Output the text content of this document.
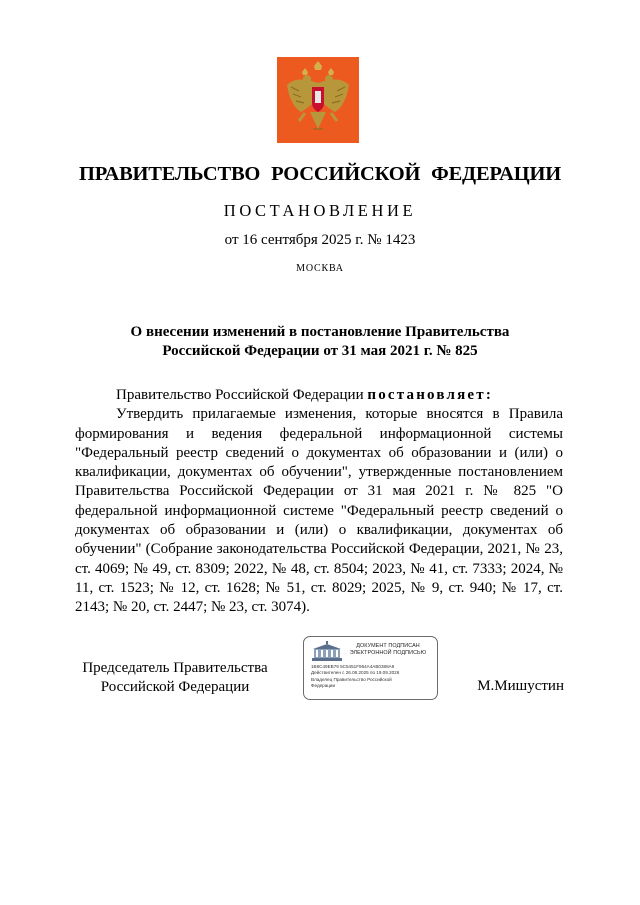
ПРАВИТЕЛЬСТВО РОССИЙСКОЙ ФЕДЕРАЦИИ
ПОСТАНОВЛЕНИЕ
от 16 сентября 2025 г. № 1423
МОСКВА
О внесении изменений в постановление Правительства
Российской Федерации от 31 мая 2021 г. № 825

Правительство Российской Федерации постановляет:

Утвердить прилагаемые изменения, которые вносятся в Правила формирования и ведения федеральной информационной системы "Федеральный реестр сведений о документах об образовании и (или) о квалификации, документах об обучении", утвержденные постановлением Правительства Российской Федерации от 31 мая 2021 г. № 825 "О федеральной информационной системе "Федеральный реестр сведений о документах об образовании и (или) о квалификации, документах об обучении" (Собрание законодательства Российской Федерации, 2021, № 23, ст. 4069; № 49, ст. 8309; 2022, № 48, ст. 8504; 2023, № 41, ст. 7333; 2024, № 11, ст. 1523; № 12, ст. 1628; № 51, ст. 8029; 2025, № 9, ст. 940; № 17, ст. 2143; № 20, ст. 2447; № 23, ст. 3074).

Председатель Правительства
Российской Федерации
ДОКУМЕНТ ПОДПИСАН
ЭЛЕКТРОННОЙ ПОДПИСЬЮ
1B8C49EB79 5C5451F964A4AB0388A9
Действителен с 26.06.2025 по 19.09.2026
Владелец Правительство Российской
Федерации	М.Мишустин
